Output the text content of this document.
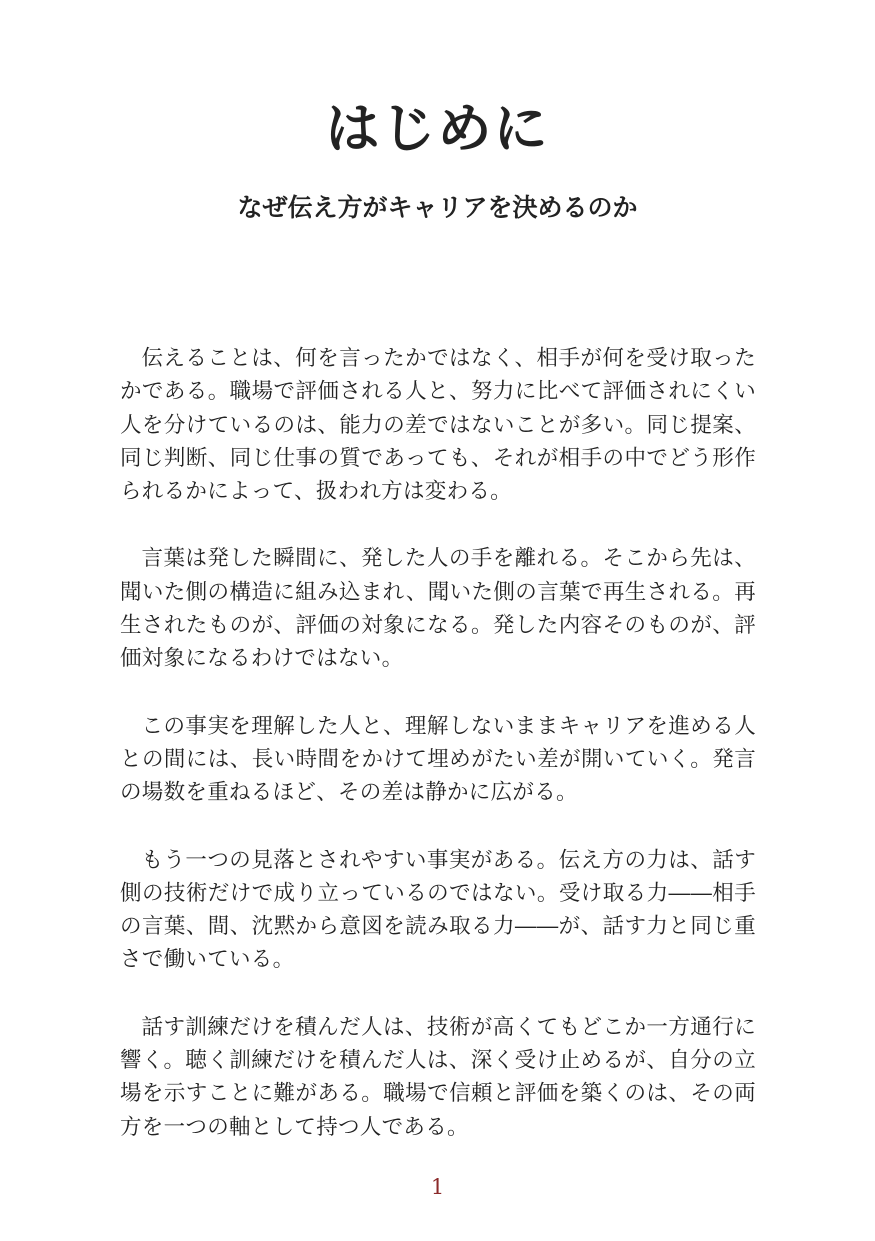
はじめに
なぜ伝え方がキャリアを決めるのか

伝えることは、何を言ったかではなく、相手が何を受け取ったかである。職場で評価される人と、努力に比べて評価されにくい人を分けているのは、能力の差ではないことが多い。同じ提案、同じ判断、同じ仕事の質であっても、それが相手の中でどう形作られるかによって、扱われ方は変わる。

言葉は発した瞬間に、発した人の手を離れる。そこから先は、聞いた側の構造に組み込まれ、聞いた側の言葉で再生される。再生されたものが、評価の対象になる。発した内容そのものが、評価対象になるわけではない。

この事実を理解した人と、理解しないままキャリアを進める人との間には、長い時間をかけて埋めがたい差が開いていく。発言の場数を重ねるほど、その差は静かに広がる。

もう一つの見落とされやすい事実がある。伝え方の力は、話す側の技術だけで成り立っているのではない。受け取る力――相手の言葉、間、沈黙から意図を読み取る力――が、話す力と同じ重さで働いている。

話す訓練だけを積んだ人は、技術が高くてもどこか一方通行に響く。聴く訓練だけを積んだ人は、深く受け止めるが、自分の立場を示すことに難がある。職場で信頼と評価を築くのは、その両方を一つの軸として持つ人である。

1
